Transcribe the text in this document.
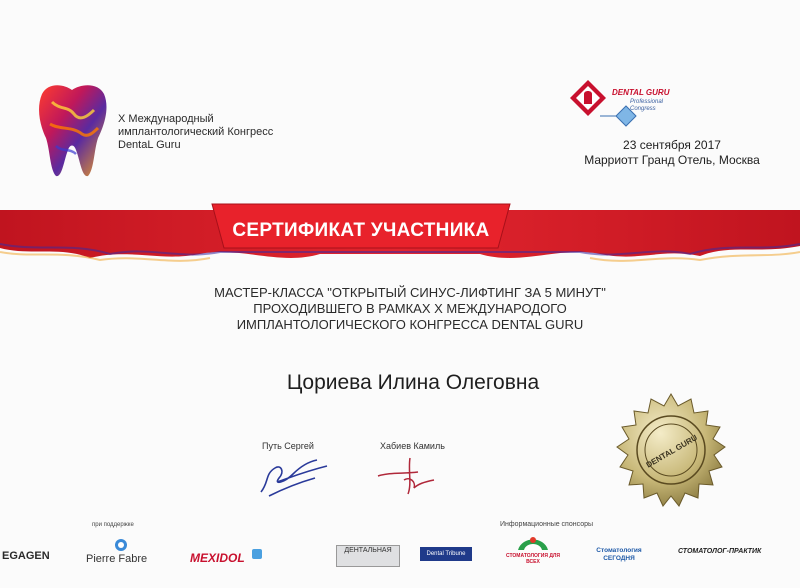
X Международный
имплантологический Конгресс
DentaL Guru
DENTAL GURU
Professional
Congress
23 сентября 2017
Марриотт Гранд Отель, Москва
СЕРТИФИКАТ УЧАСТНИКА
МАСТЕР-КЛАССА "ОТКРЫТЫЙ СИНУС-ЛИФТИНГ ЗА 5 МИНУТ"
ПРОХОДИВШЕГО В РАМКАХ X МЕЖДУНАРОДОГО
ИМПЛАНТОЛОГИЧЕСКОГО КОНГРЕССА DENTAL GURU
Цориева Илина Олеговна
Путь Сергей	Хабиев Камиль	DENTAL GURU
при поддержке	Информационные спонсоры
EGAGEN	Pierre Fabre	MEXIDOL
ДЕНТАЛЬНАЯ	Dental Tribune	СТОМАТОЛОГИЯ ДЛЯ ВСЕХ
Стоматология СЕГОДНЯ
СТОМАТОЛОГ-ПРАКТИК
